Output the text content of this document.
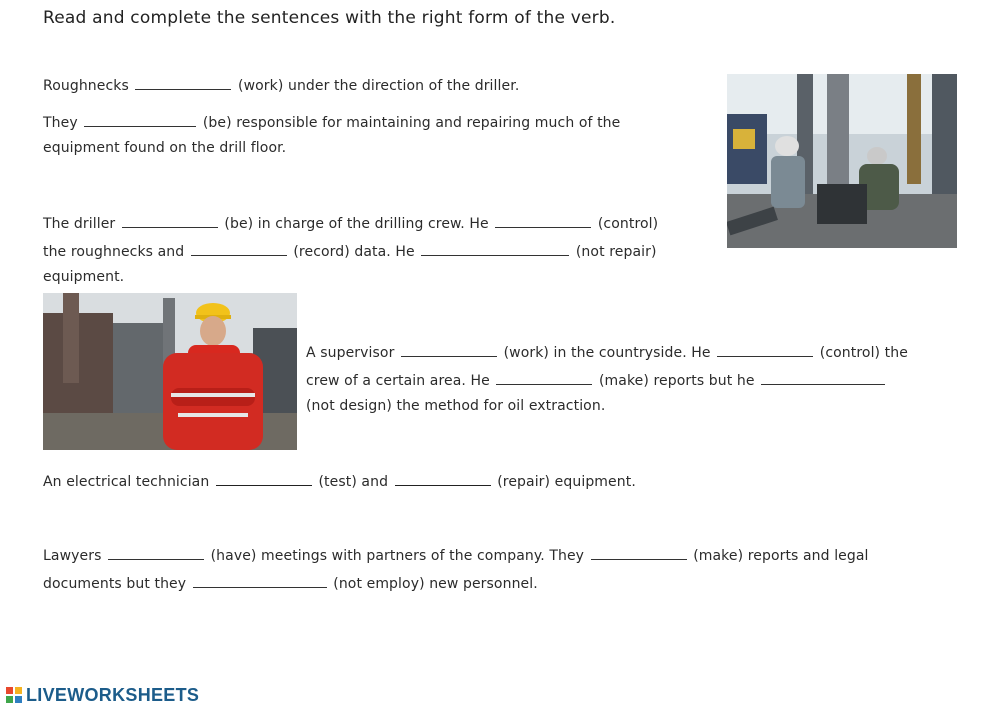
Read and complete the sentences with the right form of the verb.
Roughnecks	(work) under the direction of the driller.
They	(be) responsible for maintaining and repairing much of the
equipment found on the drill floor.
The driller	(be) in charge of the drilling crew. He	(control)
the roughnecks and	(record) data. He	(not repair)
equipment.
A supervisor	(work) in the countryside. He	(control) the
crew of a certain area. He	(make) reports but he
(not design) the method for oil extraction.
An electrical technician	(test) and	(repair) equipment.
Lawyers	(have) meetings with partners of the company. They	(make) reports and legal
documents but they	(not employ) new personnel.
LIVEWORKSHEETS
